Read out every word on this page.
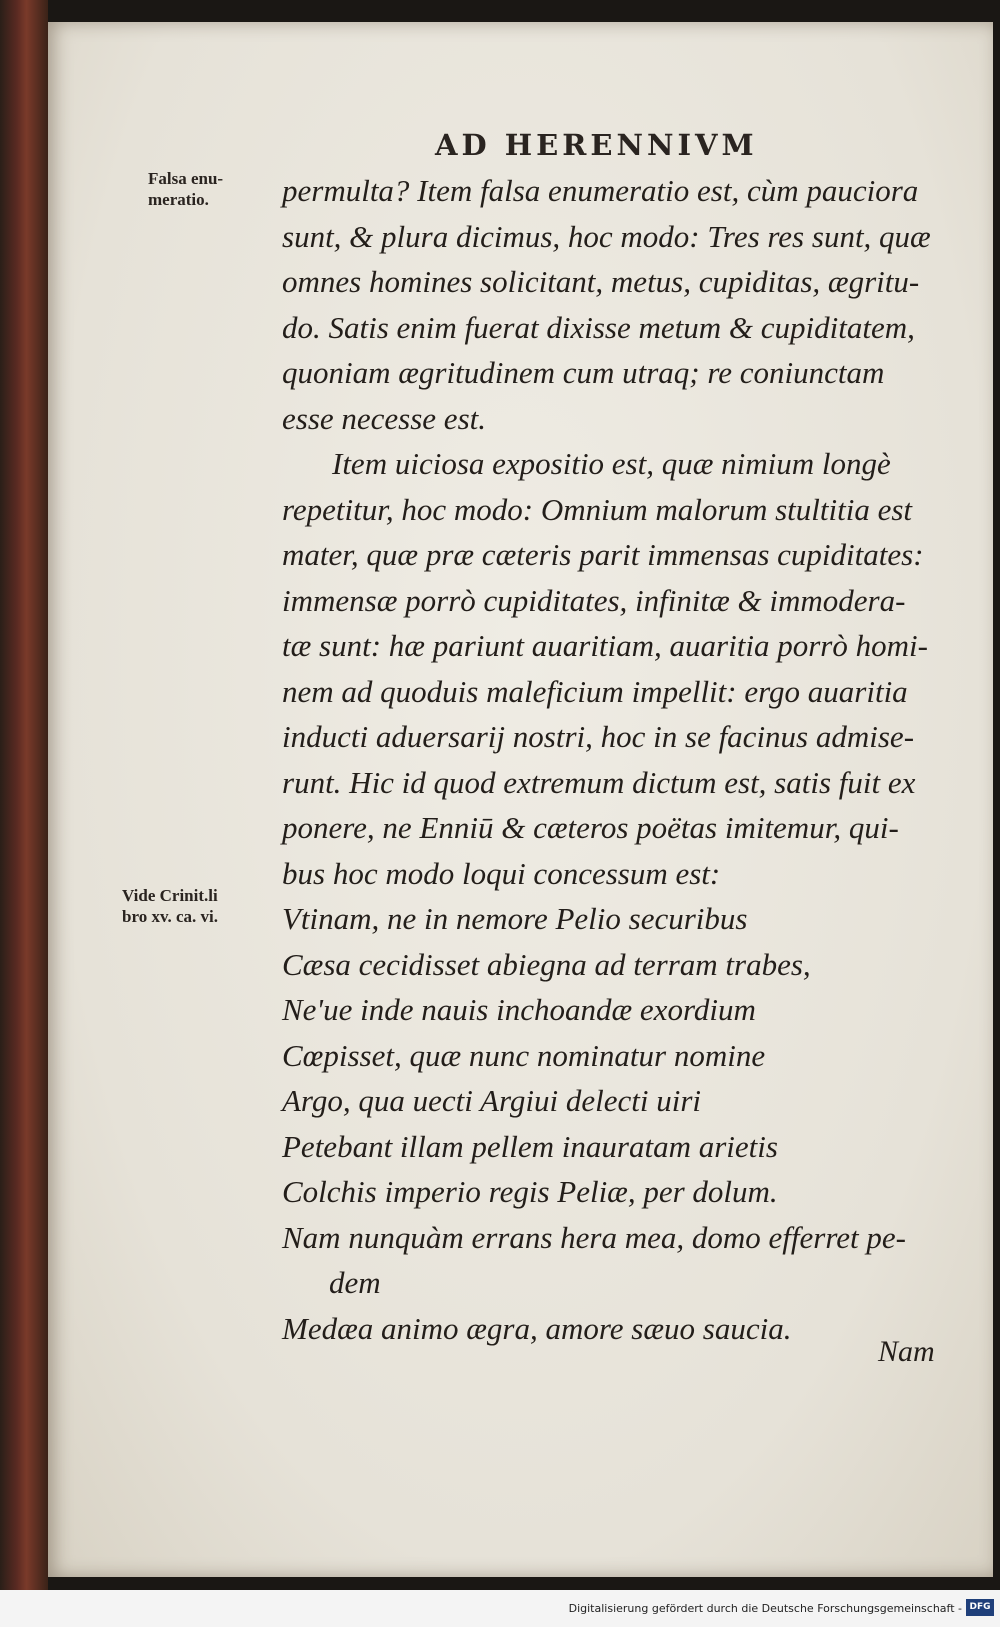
AD HERENNIVM
Falsa enu-
meratio.
Vide Crinit.li
bro xv. ca. vi.
permulta? Item falsa enumeratio est, cùm pauciora
sunt, & plura dicimus, hoc modo: Tres res sunt, quæ
omnes homines solicitant, metus, cupiditas, ægritu-
do. Satis enim fuerat dixisse metum & cupiditatem,
quoniam ægritudinem cum utraq; re coniunctam
esse necesse est.
Item uiciosa expositio est, quæ nimium longè
repetitur, hoc modo: Omnium malorum stultitia est
mater, quæ præ cæteris parit immensas cupiditates:
immensæ porrò cupiditates, infinitæ & immodera-
tæ sunt: hæ pariunt auaritiam, auaritia porrò homi-
nem ad quoduis maleficium impellit: ergo auaritia
inducti aduersarij nostri, hoc in se facinus admise-
runt. Hic id quod extremum dictum est, satis fuit ex
ponere, ne Enniū & cæteros poëtas imitemur, qui-
bus hoc modo loqui concessum est:
Vtinam, ne in nemore Pelio securibus
Cæsa cecidisset abiegna ad terram trabes,
Ne'ue inde nauis inchoandæ exordium
Cœpisset, quæ nunc nominatur nomine
Argo, qua uecti Argiui delecti uiri
Petebant illam pellem inauratam arietis
Colchis imperio regis Peliæ, per dolum.
Nam nunquàm errans hera mea, domo efferret pe-
dem
Medæa animo ægra, amore sæuo saucia.
Nam
Digitalisierung gefördert durch die Deutsche Forschungsgemeinschaft - DFG
